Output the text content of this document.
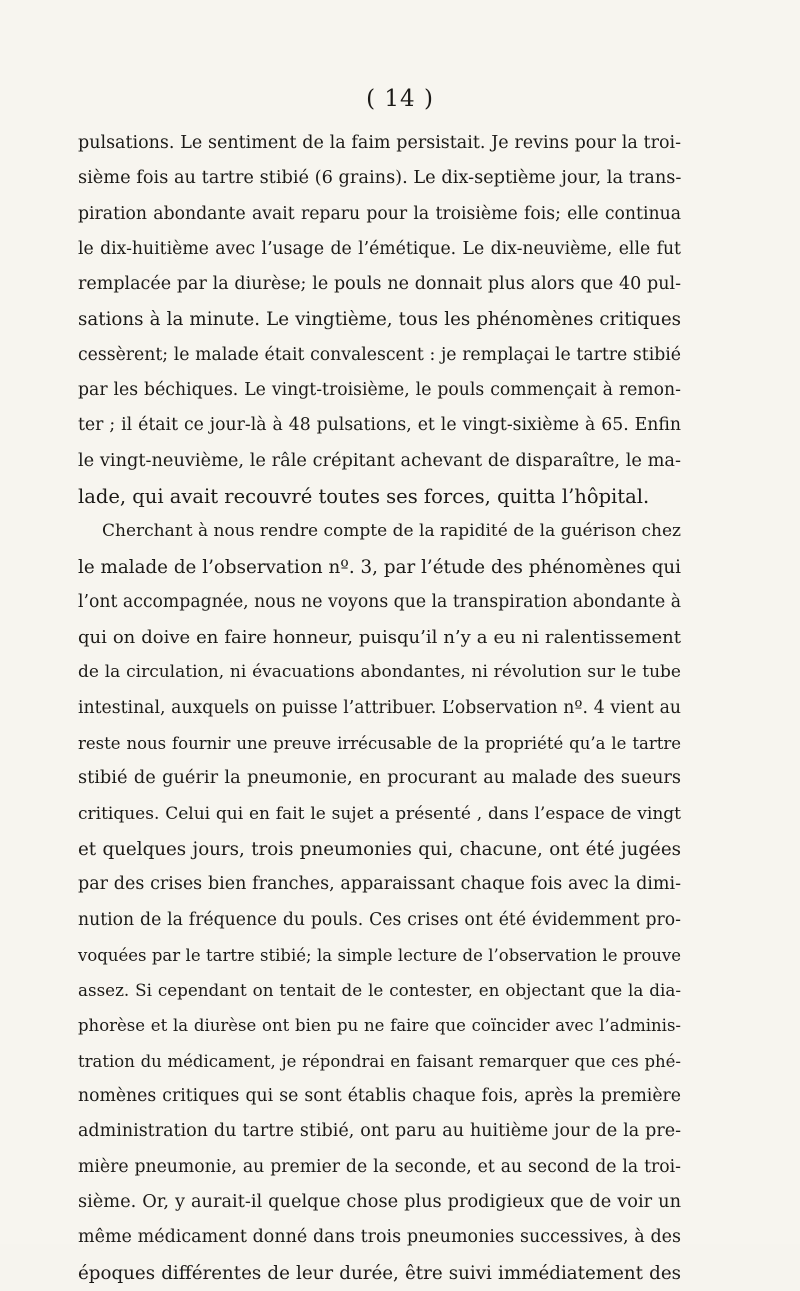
( 14 )
pulsations. Le sentiment de la faim persistait. Je revins pour la troi-
sième fois au tartre stibié (6 grains). Le dix-septième jour, la trans-
piration abondante avait reparu pour la troisième fois; elle continua
le dix-huitième avec l’usage de l’émétique. Le dix-neuvième, elle fut
remplacée par la diurèse; le pouls ne donnait plus alors que 40 pul-
sations à la minute. Le vingtième, tous les phénomènes critiques
cessèrent; le malade était convalescent : je remplaçai le tartre stibié
par les béchiques. Le vingt-troisième, le pouls commençait à remon-
ter ; il était ce jour-là à 48 pulsations, et le vingt-sixième à 65. Enfin
le vingt-neuvième, le râle crépitant achevant de disparaître, le ma-
lade, qui avait recouvré toutes ses forces, quitta l’hôpital.
Cherchant à nous rendre compte de la rapidité de la guérison chez
le malade de l’observation nº. 3, par l’étude des phénomènes qui
l’ont accompagnée, nous ne voyons que la transpiration abondante à
qui on doive en faire honneur, puisqu’il n’y a eu ni ralentissement
de la circulation, ni évacuations abondantes, ni révolution sur le tube
intestinal, auxquels on puisse l’attribuer. L’observation nº. 4 vient au
reste nous fournir une preuve irrécusable de la propriété qu’a le tartre
stibié de guérir la pneumonie, en procurant au malade des sueurs
critiques. Celui qui en fait le sujet a présenté , dans l’espace de vingt
et quelques jours, trois pneumonies qui, chacune, ont été jugées
par des crises bien franches, apparaissant chaque fois avec la dimi-
nution de la fréquence du pouls. Ces crises ont été évidemment pro-
voquées par le tartre stibié; la simple lecture de l’observation le prouve
assez. Si cependant on tentait de le contester, en objectant que la dia-
phorèse et la diurèse ont bien pu ne faire que coïncider avec l’adminis-
tration du médicament, je répondrai en faisant remarquer que ces phé-
nomènes critiques qui se sont établis chaque fois, après la première
administration du tartre stibié, ont paru au huitième jour de la pre-
mière pneumonie, au premier de la seconde, et au second de la troi-
sième. Or, y aurait-il quelque chose plus prodigieux que de voir un
même médicament donné dans trois pneumonies successives, à des
époques différentes de leur durée, être suivi immédiatement des
